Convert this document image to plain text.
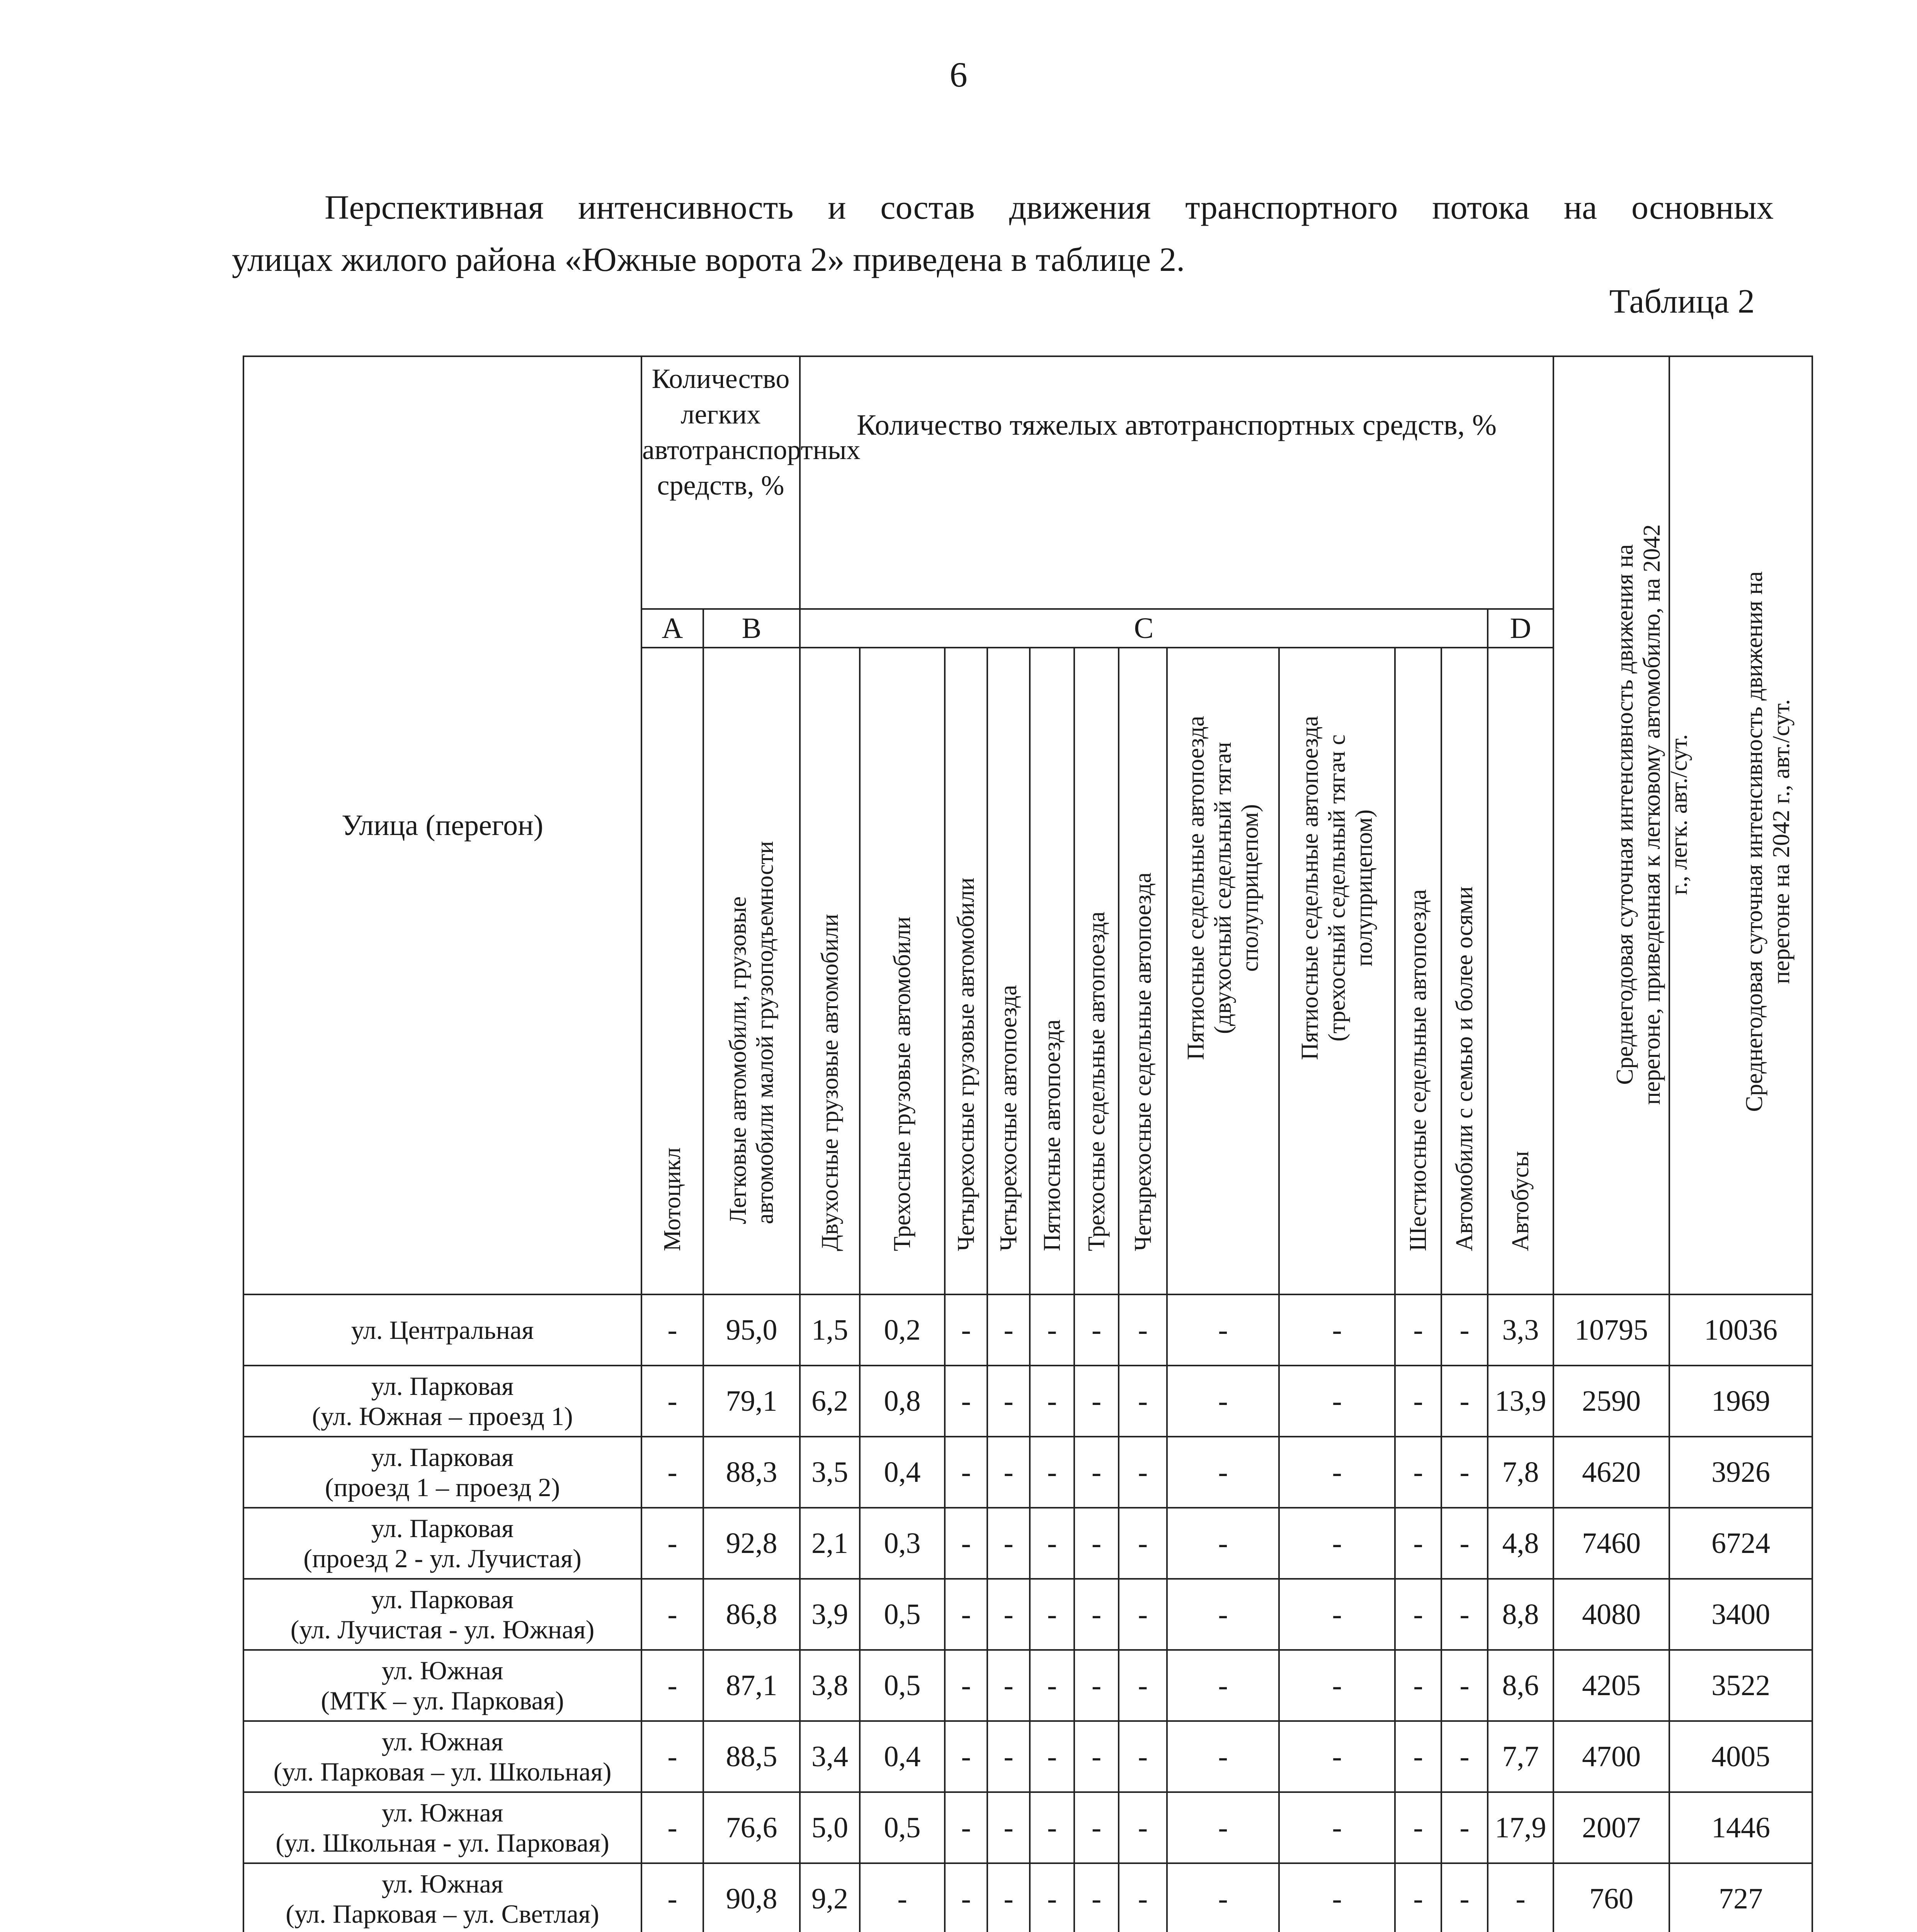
6
Перспективная интенсивность и состав движения транспортного потока на основных
улицах жилого района «Южные ворота 2» приведена в таблице 2.
Таблица 2
Улица (перегон)	Количество легких автотранспортных средств, %		Количество тяжелых автотранспортных средств, %												Среднегодовая суточная интенсивность движения на перегоне, приведенная к легковому автомобилю, на 2042 г., легк. авт./сут.	Среднегодовая суточная интенсивность движения на перегоне на 2042 г., авт./сут.

	A	B	C											D		

	Мотоцикл	Легковые автомобили, грузовые автомобили малой грузоподъемности	Двухосные грузовые автомобили	Трехосные грузовые автомобили	Четырехосные грузовые автомобили	Четырехосные автопоезда	Пятиосные автопоезда	Трехосные седельные автопоезда	Четырехосные седельные автопоезда	Пятиосные седельные автопоезда (двухосный седельный тягач сполуприцепом)	Пятиосные седельные автопоезда (трехосный седельный тягач с полуприцепом)	Шестиосные седельные автопоезда	Автомобили с семью и более осями	Автобусы		

ул. Центральная	-	95,0	1,5	0,2	-	-	-	-	-	-	-	-	-	3,3	10795	10036

ул. Парковая
(ул. Южная – проезд 1)	-	79,1	6,2	0,8	-	-	-	-	-	-	-	-	-	13,9	2590	1969

ул. Парковая
(проезд 1 – проезд 2)	-	88,3	3,5	0,4	-	-	-	-	-	-	-	-	-	7,8	4620	3926

ул. Парковая
(проезд 2 - ул. Лучистая)	-	92,8	2,1	0,3	-	-	-	-	-	-	-	-	-	4,8	7460	6724

ул. Парковая
(ул. Лучистая - ул. Южная)	-	86,8	3,9	0,5	-	-	-	-	-	-	-	-	-	8,8	4080	3400

ул. Южная
(МТК – ул. Парковая)	-	87,1	3,8	0,5	-	-	-	-	-	-	-	-	-	8,6	4205	3522

ул. Южная
(ул. Парковая – ул. Школьная)	-	88,5	3,4	0,4	-	-	-	-	-	-	-	-	-	7,7	4700	4005

ул. Южная
(ул. Школьная - ул. Парковая)	-	76,6	5,0	0,5	-	-	-	-	-	-	-	-	-	17,9	2007	1446

ул. Южная
(ул. Парковая – ул. Светлая)	-	90,8	9,2	-	-	-	-	-	-	-	-	-	-	-	760	727
